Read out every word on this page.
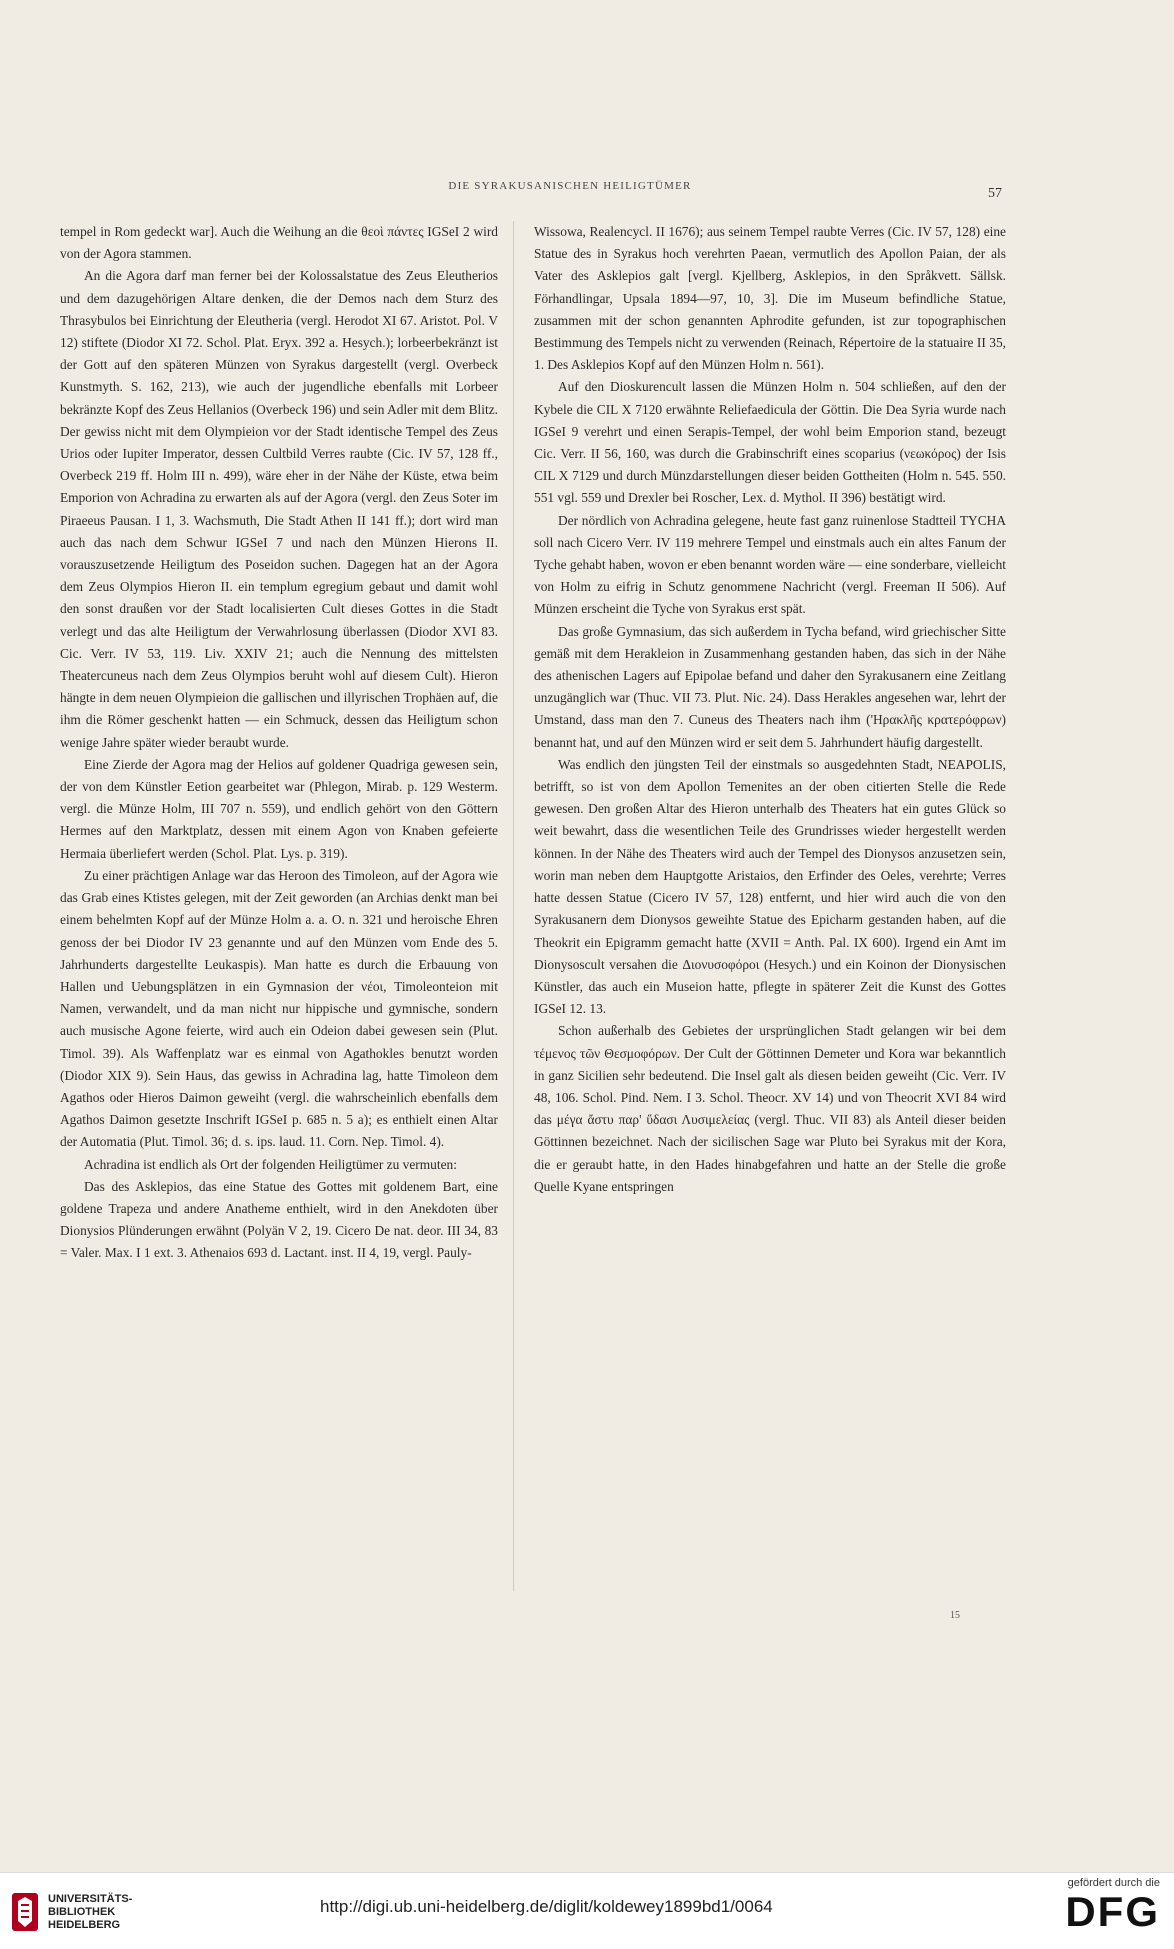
DIE SYRAKUSANISCHEN HEILIGTÜMER	57

tempel in Rom gedeckt war]. Auch die Weihung an die θεοὶ πάντες IGSeI 2 wird von der Agora stammen.

An die Agora darf man ferner bei der Kolossalstatue des Zeus Eleutherios und dem dazugehörigen Altare denken, die der Demos nach dem Sturz des Thrasybulos bei Einrichtung der Eleutheria (vergl. Herodot XI 67. Aristot. Pol. V 12) stiftete (Diodor XI 72. Schol. Plat. Eryx. 392 a. Hesych.); lorbeerbekränzt ist der Gott auf den späteren Münzen von Syrakus dargestellt (vergl. Overbeck Kunstmyth. S. 162, 213), wie auch der jugendliche ebenfalls mit Lorbeer bekränzte Kopf des Zeus Hellanios (Overbeck 196) und sein Adler mit dem Blitz. Der gewiss nicht mit dem Olympieion vor der Stadt identische Tempel des Zeus Urios oder Iupiter Imperator, dessen Cultbild Verres raubte (Cic. IV 57, 128 ff., Overbeck 219 ff. Holm III n. 499), wäre eher in der Nähe der Küste, etwa beim Emporion von Achradina zu erwarten als auf der Agora (vergl. den Zeus Soter im Piraeeus Pausan. I 1, 3. Wachsmuth, Die Stadt Athen II 141 ff.); dort wird man auch das nach dem Schwur IGSeI 7 und nach den Münzen Hierons II. vorauszusetzende Heiligtum des Poseidon suchen. Dagegen hat an der Agora dem Zeus Olympios Hieron II. ein templum egregium gebaut und damit wohl den sonst draußen vor der Stadt localisierten Cult dieses Gottes in die Stadt verlegt und das alte Heiligtum der Verwahrlosung überlassen (Diodor XVI 83. Cic. Verr. IV 53, 119. Liv. XXIV 21; auch die Nennung des mittelsten Theatercuneus nach dem Zeus Olympios beruht wohl auf diesem Cult). Hieron hängte in dem neuen Olympieion die gallischen und illyrischen Trophäen auf, die ihm die Römer geschenkt hatten — ein Schmuck, dessen das Heiligtum schon wenige Jahre später wieder beraubt wurde.

Eine Zierde der Agora mag der Helios auf goldener Quadriga gewesen sein, der von dem Künstler Eetion gearbeitet war (Phlegon, Mirab. p. 129 Westerm. vergl. die Münze Holm, III 707 n. 559), und endlich gehört von den Göttern Hermes auf den Marktplatz, dessen mit einem Agon von Knaben gefeierte Hermaia überliefert werden (Schol. Plat. Lys. p. 319).

Zu einer prächtigen Anlage war das Heroon des Timoleon, auf der Agora wie das Grab eines Ktistes gelegen, mit der Zeit geworden (an Archias denkt man bei einem behelmten Kopf auf der Münze Holm a. a. O. n. 321 und heroische Ehren genoss der bei Diodor IV 23 genannte und auf den Münzen vom Ende des 5. Jahrhunderts dargestellte Leukaspis). Man hatte es durch die Erbauung von Hallen und Uebungsplätzen in ein Gymnasion der νέοι, Timoleonteion mit Namen, verwandelt, und da man nicht nur hippische und gymnische, sondern auch musische Agone feierte, wird auch ein Odeion dabei gewesen sein (Plut. Timol. 39). Als Waffenplatz war es einmal von Agathokles benutzt worden (Diodor XIX 9). Sein Haus, das gewiss in Achradina lag, hatte Timoleon dem Agathos oder Hieros Daimon geweiht (vergl. die wahrscheinlich ebenfalls dem Agathos Daimon gesetzte Inschrift IGSeI p. 685 n. 5 a); es enthielt einen Altar der Automatia (Plut. Timol. 36; d. s. ips. laud. 11. Corn. Nep. Timol. 4).

Achradina ist endlich als Ort der folgenden Heiligtümer zu vermuten:

Das des Asklepios, das eine Statue des Gottes mit goldenem Bart, eine goldene Trapeza und andere Anatheme enthielt, wird in den Anekdoten über Dionysios Plünderungen erwähnt (Polyän V 2, 19. Cicero De nat. deor. III 34, 83 = Valer. Max. I 1 ext. 3. Athenaios 693 d. Lactant. inst. II 4, 19, vergl. Pauly-

Wissowa, Realencycl. II 1676); aus seinem Tempel raubte Verres (Cic. IV 57, 128) eine Statue des in Syrakus hoch verehrten Paean, vermutlich des Apollon Paian, der als Vater des Asklepios galt [vergl. Kjellberg, Asklepios, in den Språkvett. Sällsk. Förhandlingar, Upsala 1894—97, 10, 3]. Die im Museum befindliche Statue, zusammen mit der schon genannten Aphrodite gefunden, ist zur topographischen Bestimmung des Tempels nicht zu verwenden (Reinach, Répertoire de la statuaire II 35, 1. Des Asklepios Kopf auf den Münzen Holm n. 561).

Auf den Dioskurencult lassen die Münzen Holm n. 504 schließen, auf den der Kybele die CIL X 7120 erwähnte Reliefaedicula der Göttin. Die Dea Syria wurde nach IGSeI 9 verehrt und einen Serapis-Tempel, der wohl beim Emporion stand, bezeugt Cic. Verr. II 56, 160, was durch die Grabinschrift eines scoparius (νεωκόρος) der Isis CIL X 7129 und durch Münzdarstellungen dieser beiden Gottheiten (Holm n. 545. 550. 551 vgl. 559 und Drexler bei Roscher, Lex. d. Mythol. II 396) bestätigt wird.

Der nördlich von Achradina gelegene, heute fast ganz ruinenlose Stadtteil TYCHA soll nach Cicero Verr. IV 119 mehrere Tempel und einstmals auch ein altes Fanum der Tyche gehabt haben, wovon er eben benannt worden wäre — eine sonderbare, vielleicht von Holm zu eifrig in Schutz genommene Nachricht (vergl. Freeman II 506). Auf Münzen erscheint die Tyche von Syrakus erst spät.

Das große Gymnasium, das sich außerdem in Tycha befand, wird griechischer Sitte gemäß mit dem Herakleion in Zusammenhang gestanden haben, das sich in der Nähe des athenischen Lagers auf Epipolae befand und daher den Syrakusanern eine Zeitlang unzugänglich war (Thuc. VII 73. Plut. Nic. 24). Dass Herakles angesehen war, lehrt der Umstand, dass man den 7. Cuneus des Theaters nach ihm ('Ηρακλῆς κρατερόφρων) benannt hat, und auf den Münzen wird er seit dem 5. Jahrhundert häufig dargestellt.

Was endlich den jüngsten Teil der einstmals so ausgedehnten Stadt, NEAPOLIS, betrifft, so ist von dem Apollon Temenites an der oben citierten Stelle die Rede gewesen. Den großen Altar des Hieron unterhalb des Theaters hat ein gutes Glück so weit bewahrt, dass die wesentlichen Teile des Grundrisses wieder hergestellt werden können. In der Nähe des Theaters wird auch der Tempel des Dionysos anzusetzen sein, worin man neben dem Hauptgotte Aristaios, den Erfinder des Oeles, verehrte; Verres hatte dessen Statue (Cicero IV 57, 128) entfernt, und hier wird auch die von den Syrakusanern dem Dionysos geweihte Statue des Epicharm gestanden haben, auf die Theokrit ein Epigramm gemacht hatte (XVII = Anth. Pal. IX 600). Irgend ein Amt im Dionysoscult versahen die Διονυσοφόροι (Hesych.) und ein Koinon der Dionysischen Künstler, das auch ein Museion hatte, pflegte in späterer Zeit die Kunst des Gottes IGSeI 12. 13.

Schon außerhalb des Gebietes der ursprünglichen Stadt gelangen wir bei dem τέμενος τῶν Θεσμοφόρων. Der Cult der Göttinnen Demeter und Kora war bekanntlich in ganz Sicilien sehr bedeutend. Die Insel galt als diesen beiden geweiht (Cic. Verr. IV 48, 106. Schol. Pind. Nem. I 3. Schol. Theocr. XV 14) und von Theocrit XVI 84 wird das μέγα ἄστυ παρ' ὕδασι Λυσιμελείας (vergl. Thuc. VII 83) als Anteil dieser beiden Göttinnen bezeichnet. Nach der sicilischen Sage war Pluto bei Syrakus mit der Kora, die er geraubt hatte, in den Hades hinabgefahren und hatte an der Stelle die große Quelle Kyane entspringen

15
UNIVERSITÄTS-
BIBLIOTHEK
HEIDELBERG
http://digi.ub.uni-heidelberg.de/diglit/koldewey1899bd1/0064
gefördert durch die
DFG
